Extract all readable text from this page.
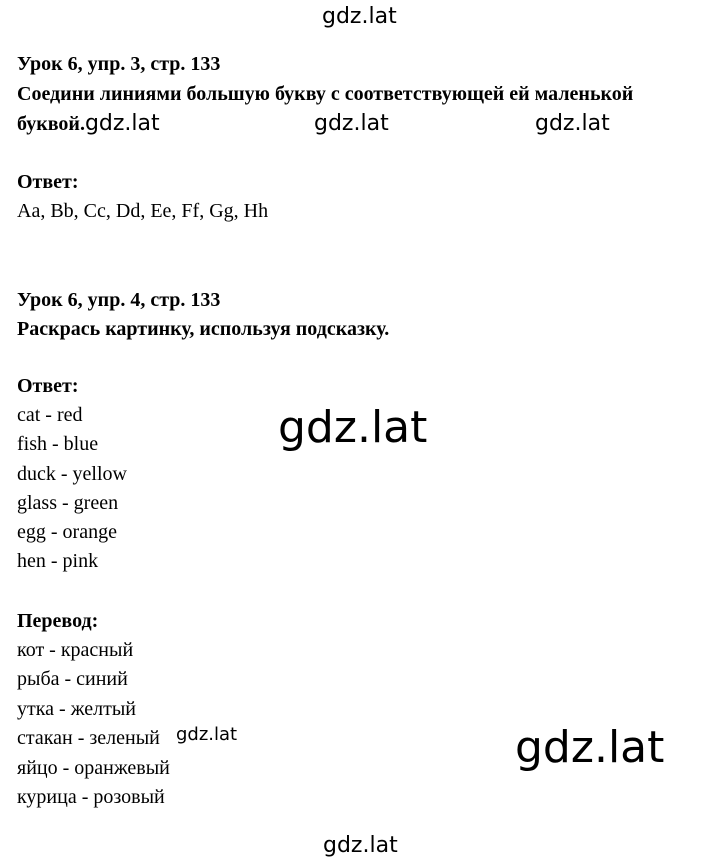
gdz.lat
gdz.lat	gdz.lat
gdz.lat
gdz.lat	gdz.lat
gdz.lat
Урок 6, упр. 3, стр. 133
Соедини линиями большую букву с соответствующей ей маленькой
буквой.gdz.lat
Ответ:
Aa, Bb, Cc, Dd, Ee, Ff, Gg, Hh
Урок 6, упр. 4, стр. 133
Раскрась картинку, используя подсказку.
Ответ:
cat - red
fish - blue
duck - yellow
glass - green
egg - orange
hen - pink
Перевод:
кот - красный
рыба - синий
утка - желтый
стакан - зеленый
яйцо - оранжевый
курица - розовый
